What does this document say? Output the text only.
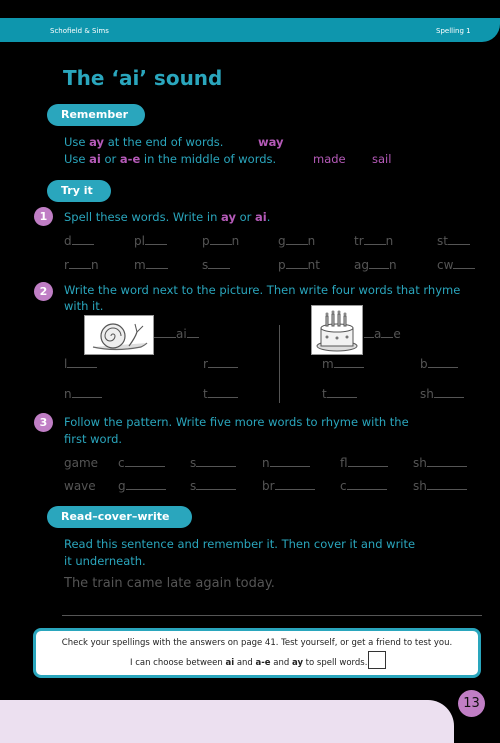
Schofield & Sims	Spelling 1
The ‘ai’ sound
Remember
Use ay at the end of words.	way
Use ai or a-e in the middle of words.	made sail
Try it
1	Spell these words. Write in ay or ai.
d	pl	p n	g n	tr n	st
r n	m	s	p nt	ag n	cw
2	Write the word next to the picture. Then write four words that rhyme
with it.
ai	a e
l	r
n	t
m	b
t	sh
3	Follow the pattern. Write five more words to rhyme with the
first word.
game c	s	n	fl	sh
wave g	s	br	c	sh
Read–cover–write
Read this sentence and remember it. Then cover it and write
it underneath.
The train came late again today.
Check your spellings with the answers on page 41. Test yourself, or get a friend to test you.
I can choose between ai and a-e and ay to spell words.
13
